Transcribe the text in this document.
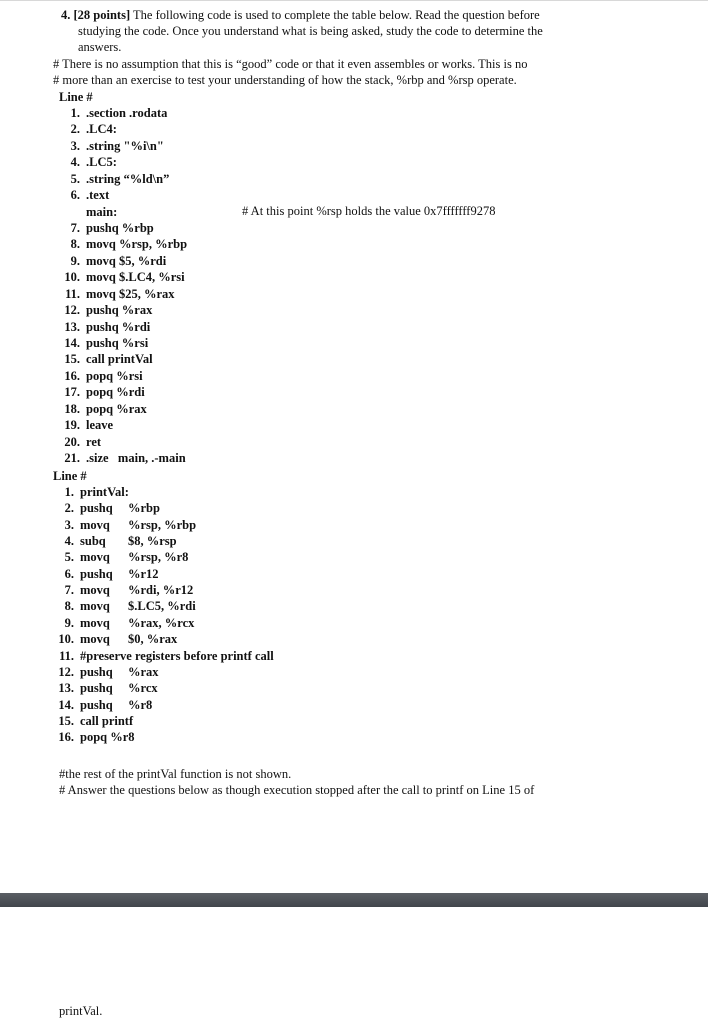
4. [28 points] The following code is used to complete the table below. Read the question before
studying the code. Once you understand what is being asked, study the code to determine the
answers.
# There is no assumption that this is “good” code or that it even assembles or works. This is no
# more than an exercise to test your understanding of how the stack, %rbp and %rsp operate.
Line #
1. .section .rodata
2. .LC4:
3. .string "%i\n"
4. .LC5:
5. .string “%ld\n”
6. .text
main:
7. pushq %rbp
8. movq %rsp, %rbp
9. movq $5, %rdi
10. movq $.LC4, %rsi
11. movq $25, %rax
12. pushq %rax
13. pushq %rdi
14. pushq %rsi
15. call printVal
16. popq %rsi
17. popq %rdi
18. popq %rax
19. leave
20. ret
21. .size   main, .-main
# At this point %rsp holds the value 0x7fffffff9278
Line #
1. printVal:
2. pushq %rbp
3. movq %rsp, %rbp
4. subq $8, %rsp
5. movq %rsp, %r8
6. pushq %r12
7. movq %rdi, %r12
8. movq $.LC5, %rdi
9. movq %rax, %rcx
10. movq $0, %rax
11. #preserve registers before printf call
12. pushq %rax
13. pushq %rcx
14. pushq %r8
15. call printf
16. popq %r8
#the rest of the printVal function is not shown.
# Answer the questions below as though execution stopped after the call to printf on Line 15 of
printVal.
